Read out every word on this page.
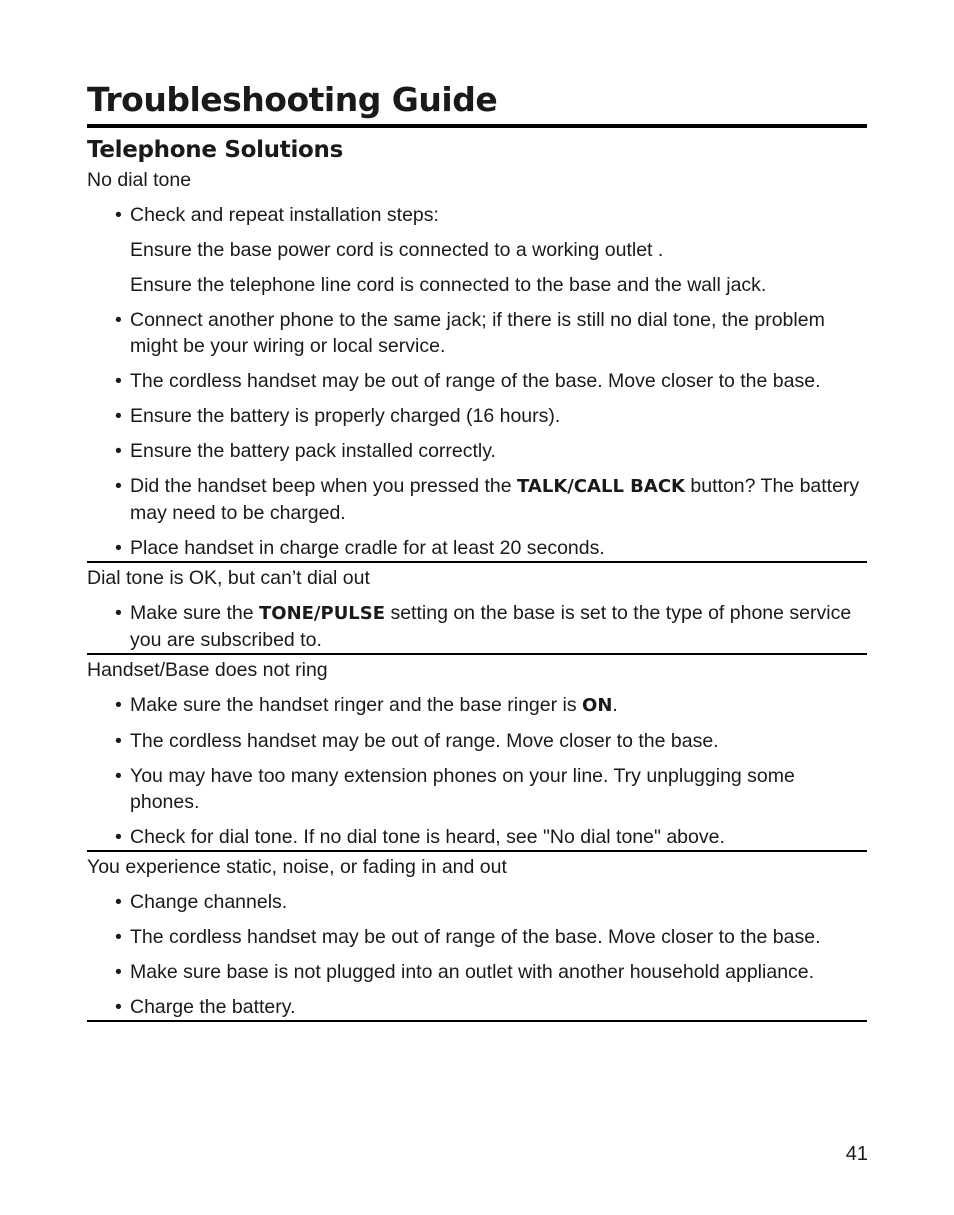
Troubleshooting Guide
Telephone Solutions
No dial tone
• Check and repeat installation steps:
Ensure the base power cord is connected to a working outlet .
Ensure the telephone line cord is connected to the base and the wall jack.
• Connect another phone to the same jack; if there is still no dial tone, the problem might be your wiring or local service.
• The cordless handset may be out of range of the base. Move closer to the base.
• Ensure the battery is properly charged (16 hours).
• Ensure the battery pack installed correctly.
• Did the handset beep when you pressed the TALK/CALL BACK button? The battery may need to be charged.
• Place handset in charge cradle for at least 20 seconds.
Dial tone is OK, but can’t dial out
• Make sure the TONE/PULSE setting on the base is set to the type of phone service you are subscribed to.
Handset/Base does not ring
• Make sure the handset ringer and the base ringer is ON.
• The cordless handset may be out of range. Move closer to the base.
• You may have too many extension phones on your line. Try unplugging some phones.
• Check for dial tone. If no dial tone is heard, see "No dial tone" above.
You experience static, noise, or fading in and out
• Change channels.
• The cordless handset may be out of range of the base. Move closer to the base.
• Make sure base is not plugged into an outlet with another household appliance.
• Charge the battery.
41
